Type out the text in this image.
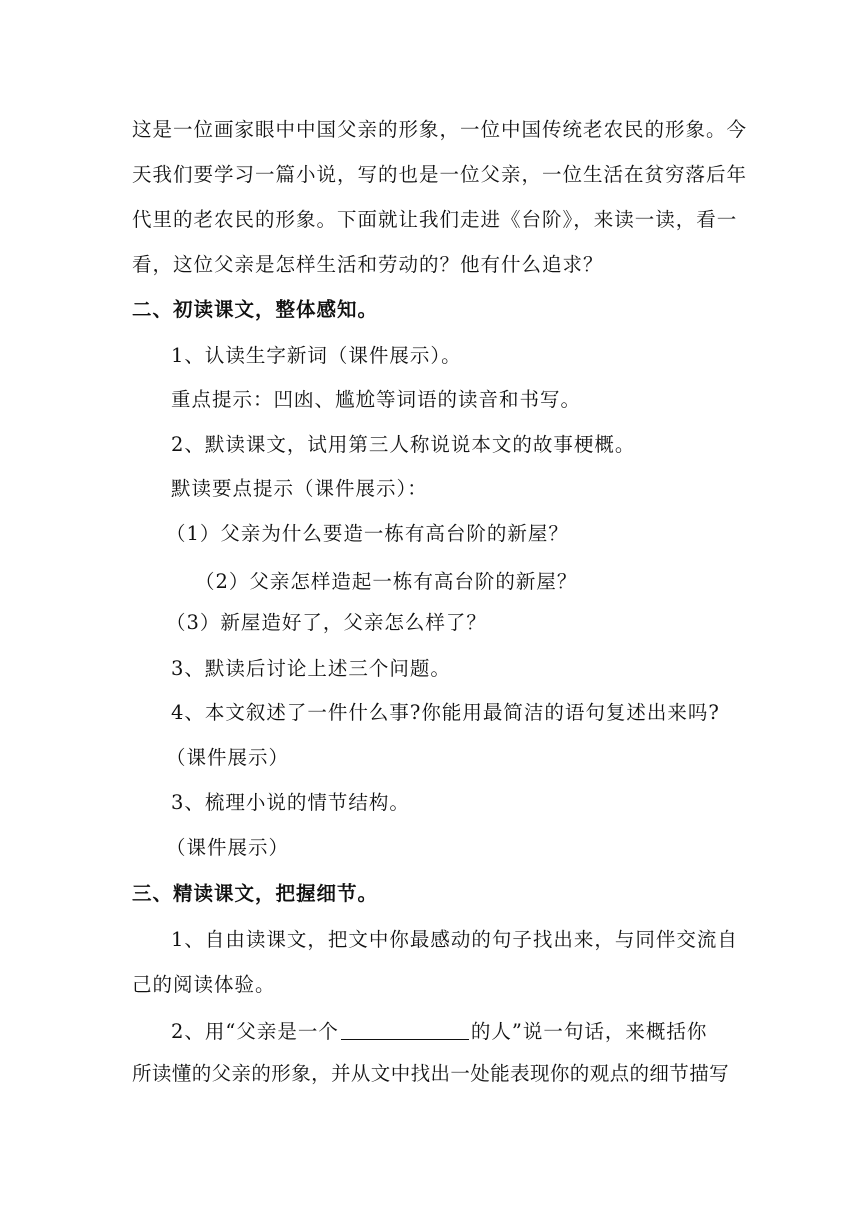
这是一位画家眼中中国父亲的形象，一位中国传统老农民的形象。今
天我们要学习一篇小说，写的也是一位父亲，一位生活在贫穷落后年
代里的老农民的形象。下面就让我们走进《台阶》，来读一读，看一
看，这位父亲是怎样生活和劳动的？他有什么追求？
二、初读课文，整体感知。
1、认读生字新词（课件展示）。
重点提示：凹凼、尴尬等词语的读音和书写。
2、默读课文，试用第三人称说说本文的故事梗概。
默读要点提示（课件展示）：
（1）父亲为什么要造一栋有高台阶的新屋？
（2）父亲怎样造起一栋有高台阶的新屋？
（3）新屋造好了，父亲怎么样了？
3、默读后讨论上述三个问题。
4、本文叙述了一件什么事?你能用最简洁的语句复述出来吗?
（课件展示）
3、梳理小说的情节结构。
（课件展示）
三、精读课文，把握细节。
1、自由读课文，把文中你最感动的句子找出来，与同伴交流自
己的阅读体验。
2、用“父亲是一个	的人”说一句话，来概括你
所读懂的父亲的形象，并从文中找出一处能表现你的观点的细节描写
